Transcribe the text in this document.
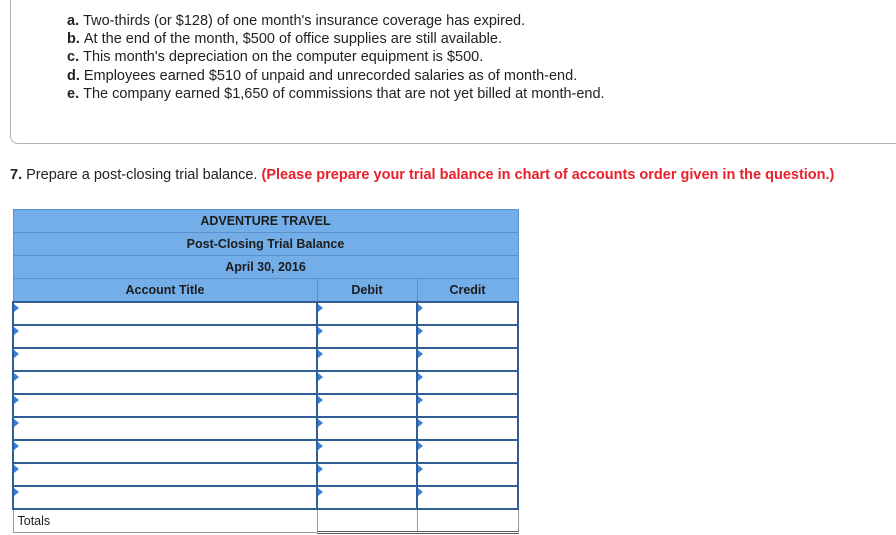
a. Two-thirds (or $128) of one month's insurance coverage has expired.
b. At the end of the month, $500 of office supplies are still available.
c. This month's depreciation on the computer equipment is $500.
d. Employees earned $510 of unpaid and unrecorded salaries as of month-end.
e. The company earned $1,650 of commissions that are not yet billed at month-end.
7. Prepare a post-closing trial balance. (Please prepare your trial balance in chart of accounts order given in the question.)
ADVENTURE TRAVEL		
Post-Closing Trial Balance		
April 30, 2016		
Account Title	Debit	Credit

Totals		
